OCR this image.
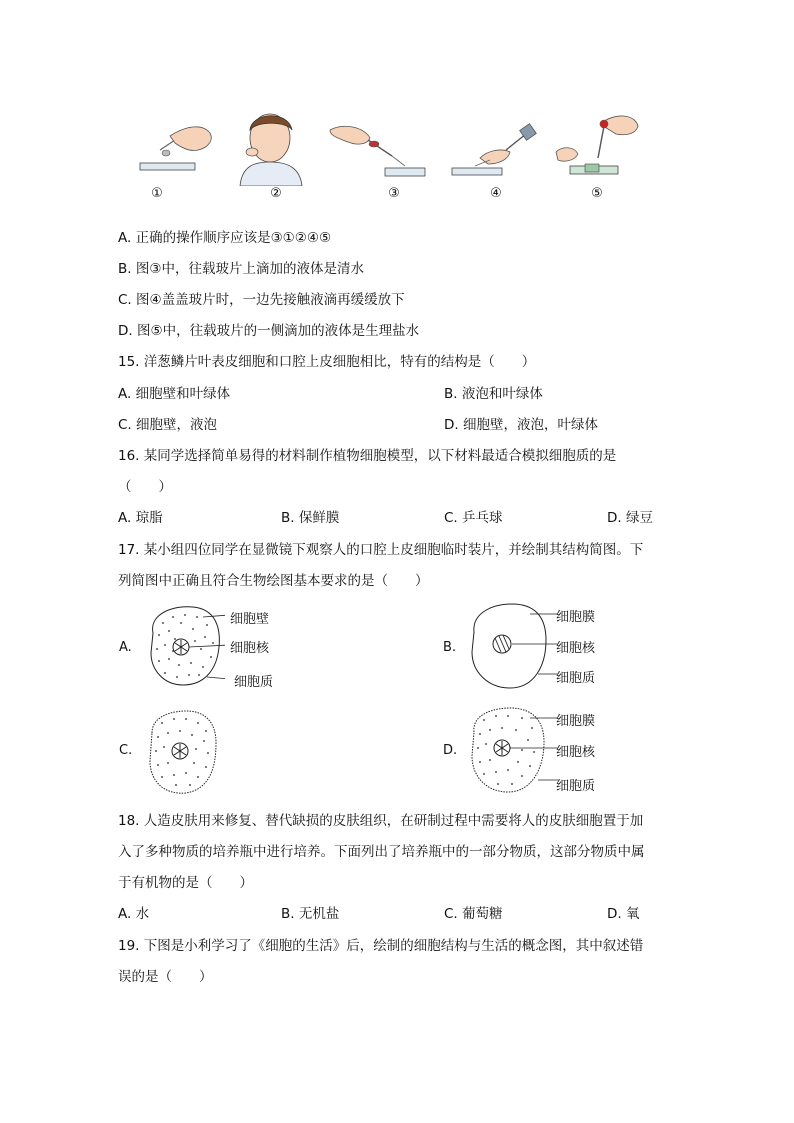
①	②	③	④	⑤
A. 正确的操作顺序应该是③①②④⑤
B. 图③中，往载玻片上滴加的液体是清水
C. 图④盖盖玻片时，一边先接触液滴再缓缓放下
D. 图⑤中，往载玻片的一侧滴加的液体是生理盐水
15. 洋葱鳞片叶表皮细胞和口腔上皮细胞相比，特有的结构是（　　）
A. 细胞壁和叶绿体	B. 液泡和叶绿体
C. 细胞壁，液泡	D. 细胞壁，液泡，叶绿体
16. 某同学选择简单易得的材料制作植物细胞模型，以下材料最适合模拟细胞质的是
（　　）
A. 琼脂	B. 保鲜膜	C. 乒乓球	D. 绿豆
17. 某小组四位同学在显微镜下观察人的口腔上皮细胞临时装片，并绘制其结构简图。下
列简图中正确且符合生物绘图基本要求的是（　　）
A.
细胞壁
细胞核
细胞质
B.
细胞膜
细胞核
细胞质
C.	D.
细胞膜
细胞核
细胞质
18. 人造皮肤用来修复、替代缺损的皮肤组织，在研制过程中需要将人的皮肤细胞置于加
入了多种物质的培养瓶中进行培养。下面列出了培养瓶中的一部分物质，这部分物质中属
于有机物的是（　　）
A. 水	B. 无机盐	C. 葡萄糖	D. 氧
19. 下图是小利学习了《细胞的生活》后，绘制的细胞结构与生活的概念图，其中叙述错
误的是（　　）
